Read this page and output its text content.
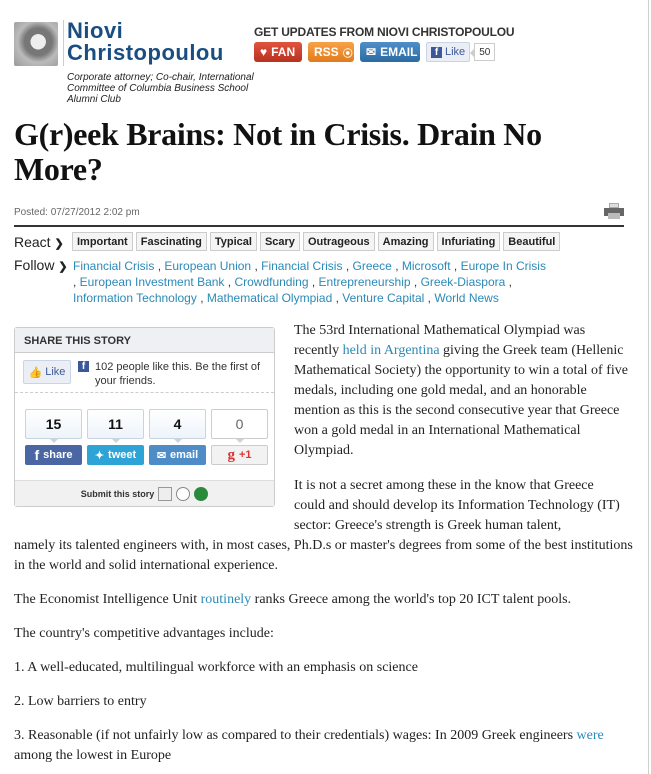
Niovi Christopoulou
Corporate attorney; Co-chair, International Committee of Columbia Business School Alumni Club
GET UPDATES FROM NIOVI CHRISTOPOULOU
♥ FAN RSS ⦿ ✉ EMAIL	f Like	50
G(r)eek Brains: Not in Crisis. Drain No More?
Posted: 07/27/2012 2:02 pm
React ❯	Important	Fascinating	Typical	Scary	Outrageous	Amazing	Infuriating	Beautiful
Follow ❯ Financial Crisis , European Union , Financial Crisis , Greece , Microsoft , Europe In Crisis
, European Investment Bank , Crowdfunding , Entrepreneurship , Greek-Diaspora ,
Information Technology , Mathematical Olympiad , Venture Capital , World News
SHARE THIS STORY
👍 Like	f 102 people like this. Be the first of your friends.
15
f share
11
✦ tweet
4
✉ email
0
g +1
Submit this story

The 53rd International Mathematical Olympiad was recently held in Argentina giving the Greek team (Hellenic Mathematical Society) the opportunity to win a total of five medals, including one gold medal, and an honorable mention as this is the second consecutive year that Greece won a gold medal in an International Mathematical Olympiad.

It is not a secret among these in the know that Greece could and should develop its Information Technology (IT) sector: Greece's strength is Greek human talent,

namely its talented engineers with, in most cases, Ph.D.s or master's degrees from some of the best institutions in the world and solid international experience.

The Economist Intelligence Unit routinely ranks Greece among the world's top 20 ICT talent pools.

The country's competitive advantages include:

1. A well-educated, multilingual workforce with an emphasis on science

2. Low barriers to entry

3. Reasonable (if not unfairly low as compared to their credentials) wages: In 2009 Greek engineers were among the lowest in Europe
